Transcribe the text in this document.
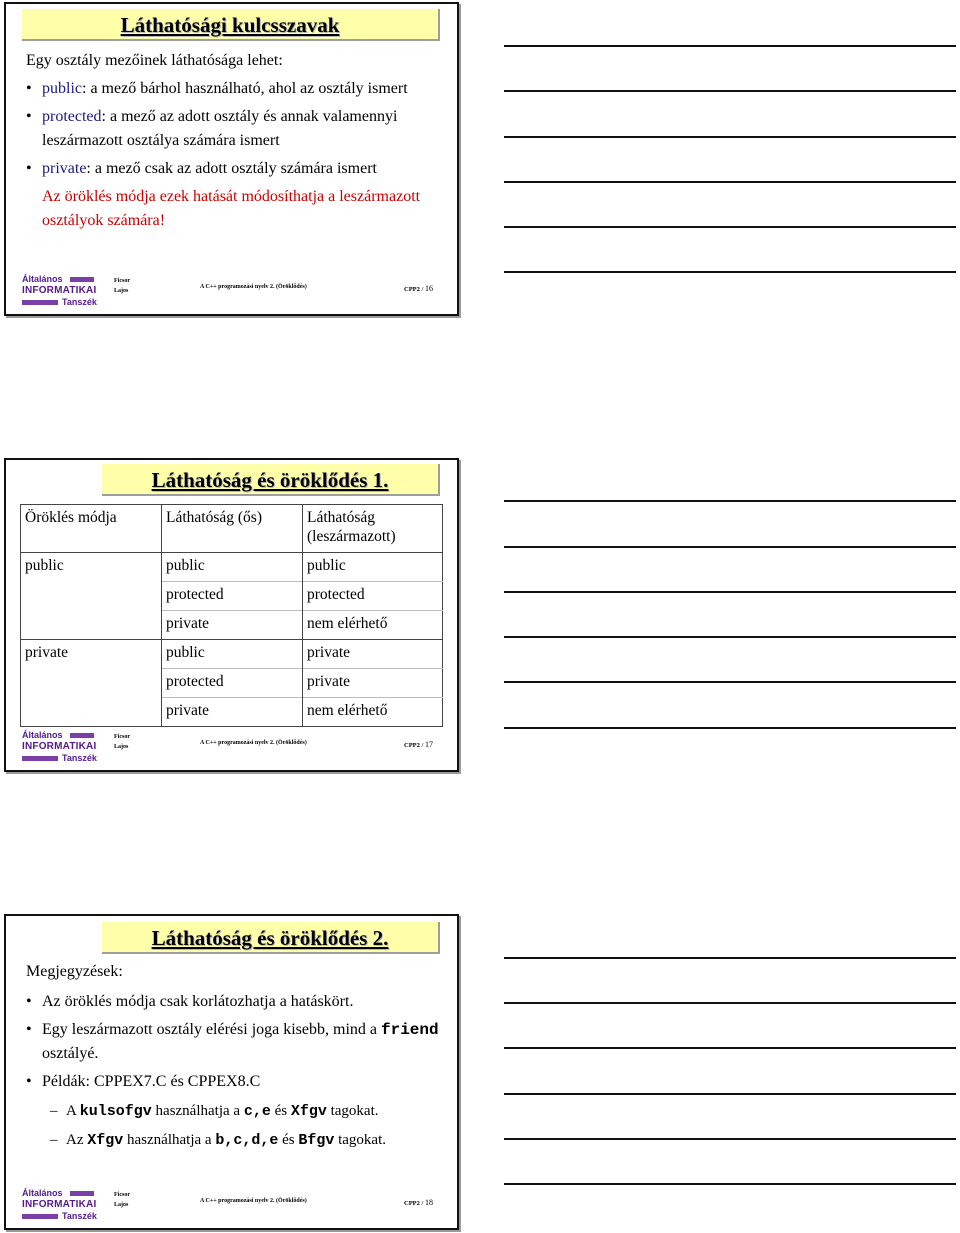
Láthatósági kulcsszavak

Egy osztály mezőinek láthatósága lehet:

• public: a mező bárhol használható, ahol az osztály ismert
• protected: a mező az adott osztály és annak valamennyi leszármazott osztálya számára ismert
• private: a mező csak az adott osztály számára ismert
Az öröklés módja ezek hatását módosíthatja a leszármazott osztályok számára!
Általános
INFORMATIKAI
Tanszék
Ficsor
Lajos
A C++ programozási nyelv 2. (Öröklődés)	CPP2 / 16
Láthatóság és öröklődés 1.
Öröklés módja	Láthatóság (ős)	Láthatóság (leszármazott)
public	public	public
	protected	protected
	private	nem elérhető
private	public	private
	protected	private
	private	nem elérhető
Általános
INFORMATIKAI
Tanszék
Ficsor
Lajos
A C++ programozási nyelv 2. (Öröklődés)	CPP2 / 17
Láthatóság és öröklődés 2.

Megjegyzések:

• Az öröklés módja csak korlátozhatja a hatáskört.
• Egy leszármazott osztály elérési joga kisebb, mind a friend osztályé.
• Példák: CPPEX7.C és CPPEX8.C
– A kulsofgv használhatja a c,e és Xfgv tagokat.
– Az Xfgv használhatja a b,c,d,e és Bfgv tagokat.
Általános
INFORMATIKAI
Tanszék
Ficsor
Lajos
A C++ programozási nyelv 2. (Öröklődés)	CPP2 / 18
